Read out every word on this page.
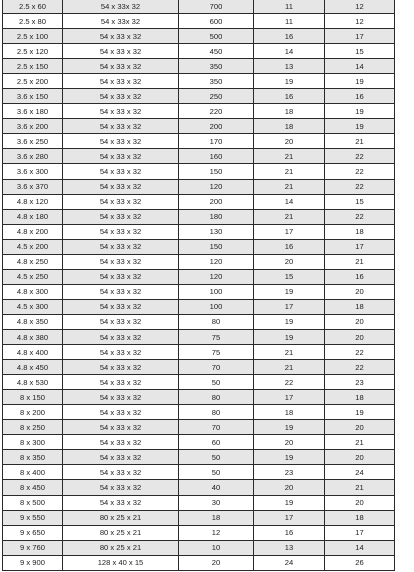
2.5 x 60	54 x 33x 32	700	11	12
2.5 x 80	54 x 33x 32	600	11	12
2.5 x 100	54 x 33 x 32	500	16	17
2.5 x 120	54 x 33 x 32	450	14	15
2.5 x 150	54 x 33 x 32	350	13	14
2.5 x 200	54 x 33 x 32	350	19	19
3.6 x 150	54 x 33 x 32	250	16	16
3.6 x 180	54 x 33 x 32	220	18	19
3.6 x 200	54 x 33 x 32	200	18	19
3.6 x 250	54 x 33 x 32	170	20	21
3.6 x 280	54 x 33 x 32	160	21	22
3.6 x 300	54 x 33 x 32	150	21	22
3.6 x 370	54 x 33 x 32	120	21	22
4.8 x 120	54 x 33 x 32	200	14	15
4.8 x 180	54 x 33 x 32	180	21	22
4.8 x 200	54 x 33 x 32	130	17	18
4.5 x 200	54 x 33 x 32	150	16	17
4.8 x 250	54 x 33 x 32	120	20	21
4.5 x 250	54 x 33 x 32	120	15	16
4.8 x 300	54 x 33 x 32	100	19	20
4.5 x 300	54 x 33 x 32	100	17	18
4.8 x 350	54 x 33 x 32	80	19	20
4.8 x 380	54 x 33 x 32	75	19	20
4.8 x 400	54 x 33 x 32	75	21	22
4.8 x 450	54 x 33 x 32	70	21	22
4.8 x 530	54 x 33 x 32	50	22	23
8 x 150	54 x 33 x 32	80	17	18
8 x 200	54 x 33 x 32	80	18	19
8 x 250	54 x 33 x 32	70	19	20
8 x 300	54 x 33 x 32	60	20	21
8 x 350	54 x 33 x 32	50	19	20
8 x 400	54 x 33 x 32	50	23	24
8 x 450	54 x 33 x 32	40	20	21
8 x 500	54 x 33 x 32	30	19	20
9 x 550	80 x 25 x 21	18	17	18
9 x 650	80 x 25 x 21	12	16	17
9 x 760	80 x 25 x 21	10	13	14
9 x 900	128 x 40 x 15	20	24	26
